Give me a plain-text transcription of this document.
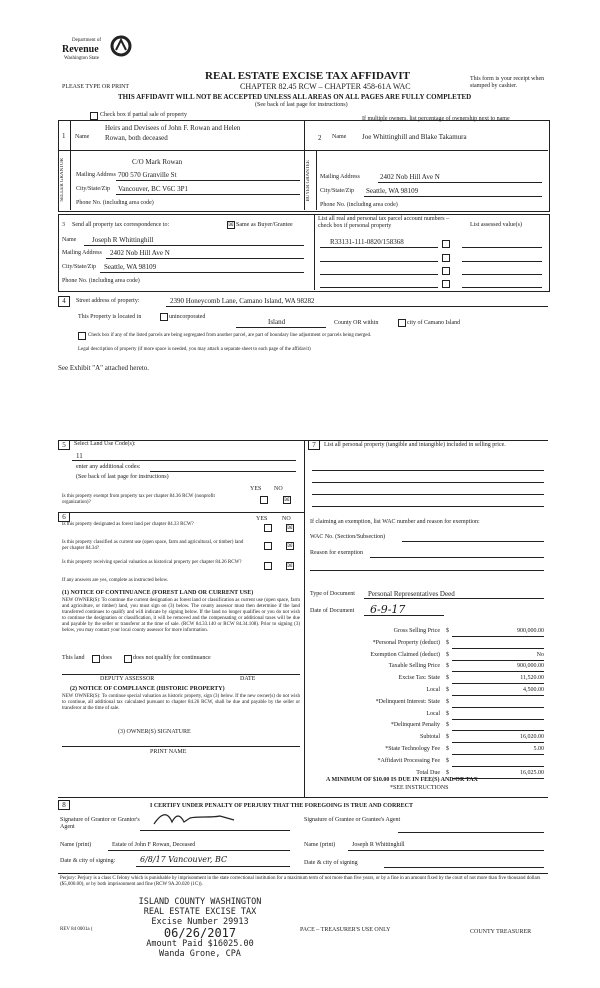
Department of
Revenue
Washington State
REAL ESTATE EXCISE TAX AFFIDAVIT
CHAPTER 82.45 RCW – CHAPTER 458-61A WAC
PLEASE TYPE OR PRINT
This form is your receipt when stamped by cashier.
THIS AFFIDAVIT WILL NOT BE ACCEPTED UNLESS ALL AREAS ON ALL PAGES ARE FULLY COMPLETED
(See back of last page for instructions)
Check box if partial sale of property
If multiple owners, list percentage of ownership next to name
1
SELLER GRANTOR
Name
Heirs and Devisees of John F. Rowan and Helen
Rowan, both deceased
C/O Mark Rowan
Mailing Address 700 570 Granville St
City/State/Zip Vancouver, BC V6C 3P1
Phone No. (including area code)
2 Name Joe Whittinghill and Blake Takamura
BUYER GRANTEE	Mailing Address	2402 Nob Hill Ave N
City/State/Zip Seattle, WA 98109
Phone No. (including area code)
3 Send all property tax correspondence to:	☒ Same as Buyer/Grantee
Name Joseph R Whittinghill
Mailing Address 2402 Nob Hill Ave N
City/State/Zip Seattle, WA 98109
Phone No. (including area code)
List all real and personal tax parcel account numbers – check box if personal property	List assessed value(s)
R33131-111-0820/158368
4	Street address of property:	2390 Honeycomb Lane, Camano Island, WA 98282
This Property is located in	unincorporated
Island	County OR within	city of Camano Island
Check box if any of the listed parcels are being segregated from another parcel, are part of boundary line adjustment or parcels being merged.
Legal description of property (if more space is needed, you may attach a separate sheet to each page of the affidavit)
See Exhibit "A" attached hereto.
5	Select Land Use Code(s):
11
enter any additional codes:
(See back of last page for instructions)
YES NO
Is this property exempt from property tax per chapter 84.36 RCW (nonprofit organization)?	☒
6	YES NO
Is this property designated as forest land per chapter 84.33 RCW?	☒
Is this property classified as current use (open space, farm and agricultural, or timber) land per chapter 84.34?	☒
Is this property receiving special valuation as historical property per chapter 84.26 RCW?	☒
If any answers are yes, complete as instructed below.
(1) NOTICE OF CONTINUANCE (FOREST LAND OR CURRENT USE)
NEW OWNER(S): To continue the current designation as forest land or classification as current use (open space, farm and agriculture, or timber) land, you must sign on (3) below. The county assessor must then determine if the land transferred continues to qualify and will indicate by signing below. If the land no longer qualifies or you do not wish to continue the designation or classification, it will be removed and the compensating or additional taxes will be due and payable by the seller or transferor at the time of sale. (RCW 84.33.140 or RCW 84.34.108). Prior to signing (3) below, you may contact your local county assessor for more information.
This land	does	does not qualify for continuance
DEPUTY ASSESSOR	DATE
(2) NOTICE OF COMPLIANCE (HISTORIC PROPERTY)
NEW OWNER(S): To continue special valuation as historic property, sign (3) below. If the new owner(s) do not wish to continue, all additional tax calculated pursuant to chapter 84.26 RCW, shall be due and payable by the seller or transferor at the time of sale.
(3) OWNER(S) SIGNATURE
PRINT NAME
7	List all personal property (tangible and intangible) included in selling price.
If claiming an exemption, list WAC number and reason for exemption:
WAC No. (Section/Subsection)
Reason for exemption
Type of Document Personal Representatives Deed
Date of Document 6-9-17
Gross Selling Price $	900,000.00
*Personal Property (deduct) $
Exemption Claimed (deduct) $	No
Taxable Selling Price $	900,000.00
Excise Tax: State $	11,520.00
Local $	4,500.00
*Delinquent Interest: State $
Local $
*Delinquent Penalty $
Subtotal $	16,020.00
*State Technology Fee $	5.00
*Affidavit Processing Fee $
Total Due $	16,025.00
A MINIMUM OF $10.00 IS DUE IN FEE(S) AND/OR TAX
*SEE INSTRUCTIONS
8	I CERTIFY UNDER PENALTY OF PERJURY THAT THE FOREGOING IS TRUE AND CORRECT
Signature of Grantor or Grantor's Agent
Signature of Grantee or Grantee's Agent
Name (print)	Estate of John F Rowan, Deceased	Name (print)	Joseph R Whittinghill
Date & city of signing:	6/8/17 Vancouver, BC	Date & city of signing
Perjury: Perjury is a class C felony which is punishable by imprisonment in the state correctional institution for a maximum term of not more than five years, or by a fine in an amount fixed by the court of not more than five thousand dollars ($5,000.00), or by both imprisonment and fine (RCW 9A.20.020 (1C)).
REV 84 0001a (	PACE – TREASURER'S USE ONLY	COUNTY TREASURER
ISLAND COUNTY WASHINGTON
REAL ESTATE EXCISE TAX
Excise Number 29913
06/26/2017
Amount Paid $16025.00
Wanda Grone, CPA
